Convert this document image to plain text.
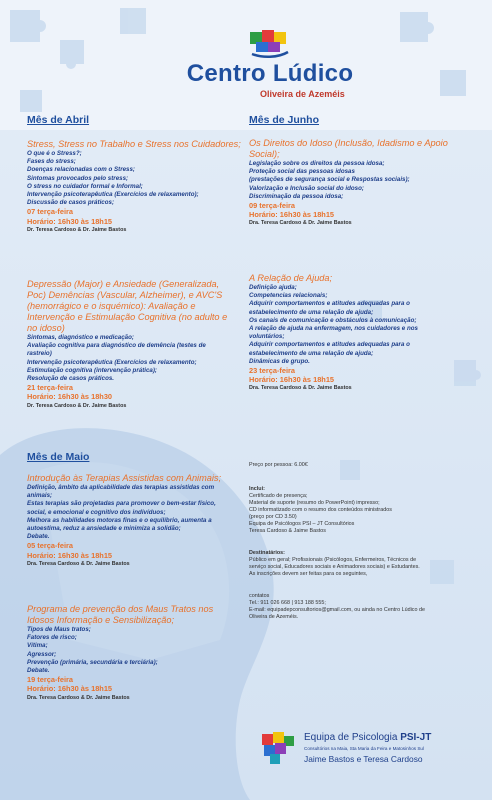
Centro Lúdico
Oliveira de Azeméis
Mês de Abril
Stress, Stress no Trabalho e Stress nos Cuidadores;
O que é o Stress?;
Fases do stress;
Doenças relacionadas com o Stress;
Sintomas provocados pelo stress;
O stress no cuidador formal e Informal;
Intervenção psicoterapêutica (Exercícios de relaxamento);
Discussão de casos práticos;
07 terça-feira
Horário: 16h30 às 18h15
Dr. Teresa Cardoso & Dr. Jaime Bastos
Depressão (Major) e Ansiedade (Generalizada,
Poc) Demências (Vascular, Alzheimer), e AVC'S
(hemorrágico e o isquémico): Avaliação e
Intervenção e Estimulação Cognitiva (no adulto e
no idoso)
Sintomas, diagnóstico e medicação;
Avaliação cognitiva para diagnóstico de demência (testes de
rastreio)
Intervenção psicoterapêutica (Exercícios de relaxamento;
Estimulação cognitiva (intervenção prática);
Resolução de casos práticos.
21 terça-feira
Horário: 16h30 às 18h30
Dr. Teresa Cardoso & Dr. Jaime Bastos
Mês de Maio
Introdução às Terapias Assistidas com Animais;
Definição, âmbito da aplicabilidade das terapias assistidas com
animais;
Estas terapias são projetadas para promover o bem-estar físico,
social, e emocional e cognitivo dos indivíduos;
Melhora as habilidades motoras finas e o equilíbrio, aumenta a
autoestima, reduz a ansiedade e minimiza a solidão;
Debate.
05 terça-feira
Horário: 16h30 às 18h15
Dra. Teresa Cardoso & Dr. Jaime Bastos
Programa de prevenção dos Maus Tratos nos
Idosos Informação e Sensibilização;
Tipos de Maus tratos;
Fatores de risco;
Vítima;
Agressor;
Prevenção (primária, secundária e terciária);
Debate.
19 terça-feira
Horário: 16h30 às 18h15
Dra. Teresa Cardoso & Dr. Jaime Bastos
Mês de Junho
Os Direitos do Idoso (Inclusão, Idadismo e Apoio
Social);
Legislação sobre os direitos da pessoa idosa;
Proteção social das pessoas idosas
(prestações de segurança social e Respostas sociais);
Valorização e Inclusão social do idoso;
Discriminação da pessoa idosa;
09 terça-feira
Horário: 16h30 às 18h15
Dra. Teresa Cardoso & Dr. Jaime Bastos
A Relação de Ajuda;
Definição ajuda;
Competencias relacionais;
Adquirir comportamentos e atitudes adequadas para o
estabelecimento de uma relação de ajuda;
Os canais de comunicação e obstáculos à comunicação;
A relação de ajuda na enfermagem, nos cuidadores e nos
voluntários;
Adquirir comportamentos e atitudes adequadas para o
estabelecimento de uma relação de ajuda;
Dinâmicas de grupo.
23 terça-feira
Horário: 16h30 às 18h15
Dra. Teresa Cardoso & Dr. Jaime Bastos
Preço por pessoa: 6.00€
Inclui:
Certificado de presença;
Material de suporte (resumo do PowerPoint) impresso;
CD informatizado com o resumo dos conteúdos ministrados
(preço por CD 3.50)
Equipa de Psicólogos PSI – JT Consultórios
Teresa Cardoso & Jaime Bastos
Destinatários:
Público em geral; Profissionais (Psicólogos, Enfermeiros, Técnicos de
serviço social, Educadores sociais e Animadores sociais) e Estudantes.
As inscrições devem ser feitas para os seguintes,
contatos
Tel.: 911 026 668 | 913 188 555;
E-mail: equipadepconsultorios@gmail.com, ou ainda no Centro Lúdico de
Oliveira de Azeméis.
Equipa de Psicologia PSI-JT
Consultórios na Maia, Sta Maria da Feira e Matosinhos Sul
Jaime Bastos e Teresa Cardoso
